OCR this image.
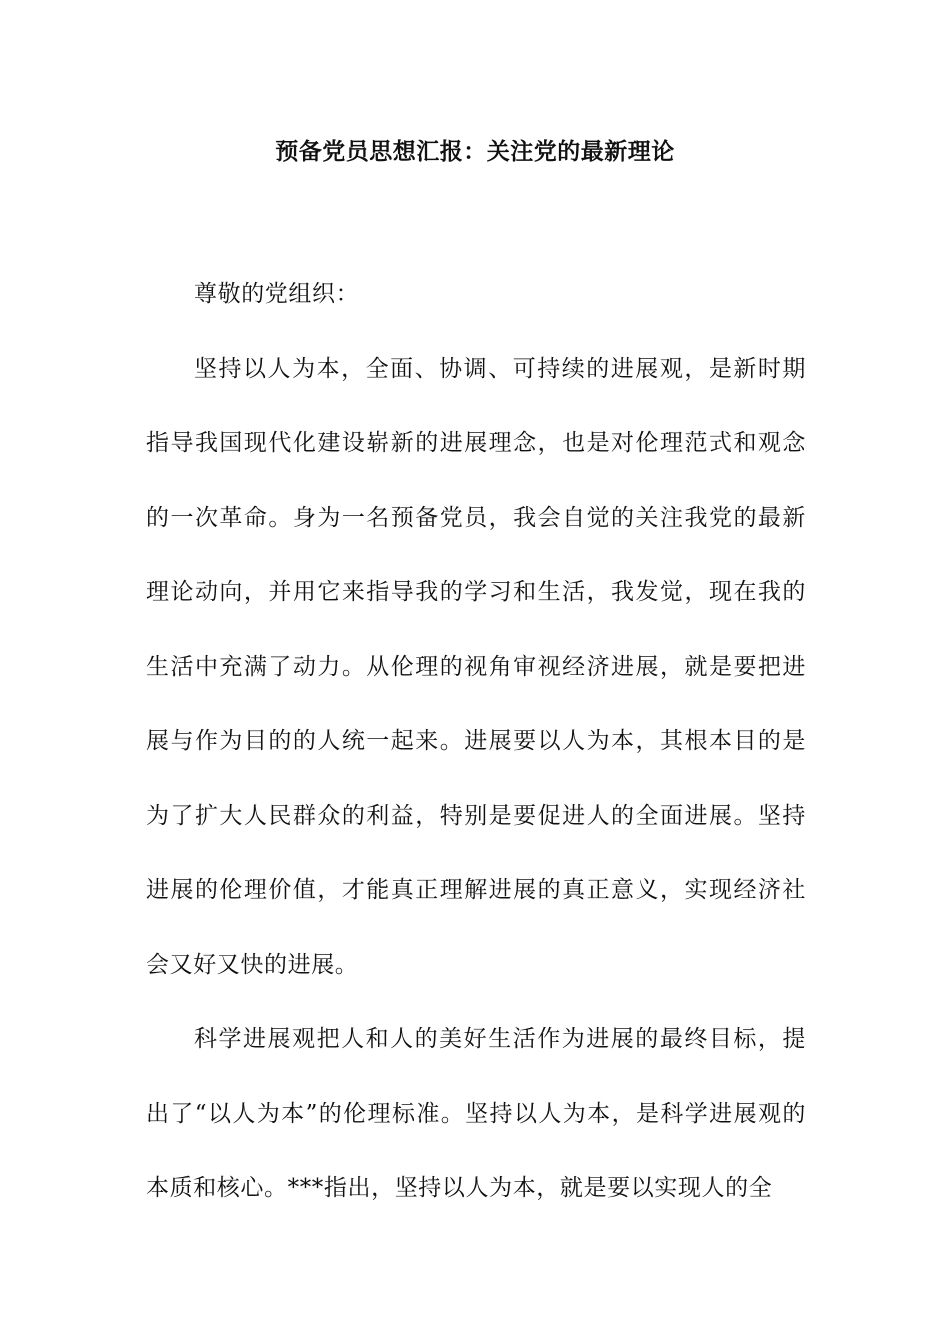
预备党员思想汇报：关注党的最新理论

尊敬的党组织：

坚持以人为本，全面、协调、可持续的进展观，是新时期指导我国现代化建设崭新的进展理念，也是对伦理范式和观念的一次革命。身为一名预备党员，我会自觉的关注我党的最新理论动向，并用它来指导我的学习和生活，我发觉，现在我的生活中充满了动力。从伦理的视角审视经济进展，就是要把进展与作为目的的人统一起来。进展要以人为本，其根本目的是为了扩大人民群众的利益，特别是要促进人的全面进展。坚持进展的伦理价值，才能真正理解进展的真正意义，实现经济社会又好又快的进展。

科学进展观把人和人的美好生活作为进展的最终目标，提出了“以人为本”的伦理标准。坚持以人为本，是科学进展观的本质和核心。***指出，坚持以人为本，就是要以实现人的全
